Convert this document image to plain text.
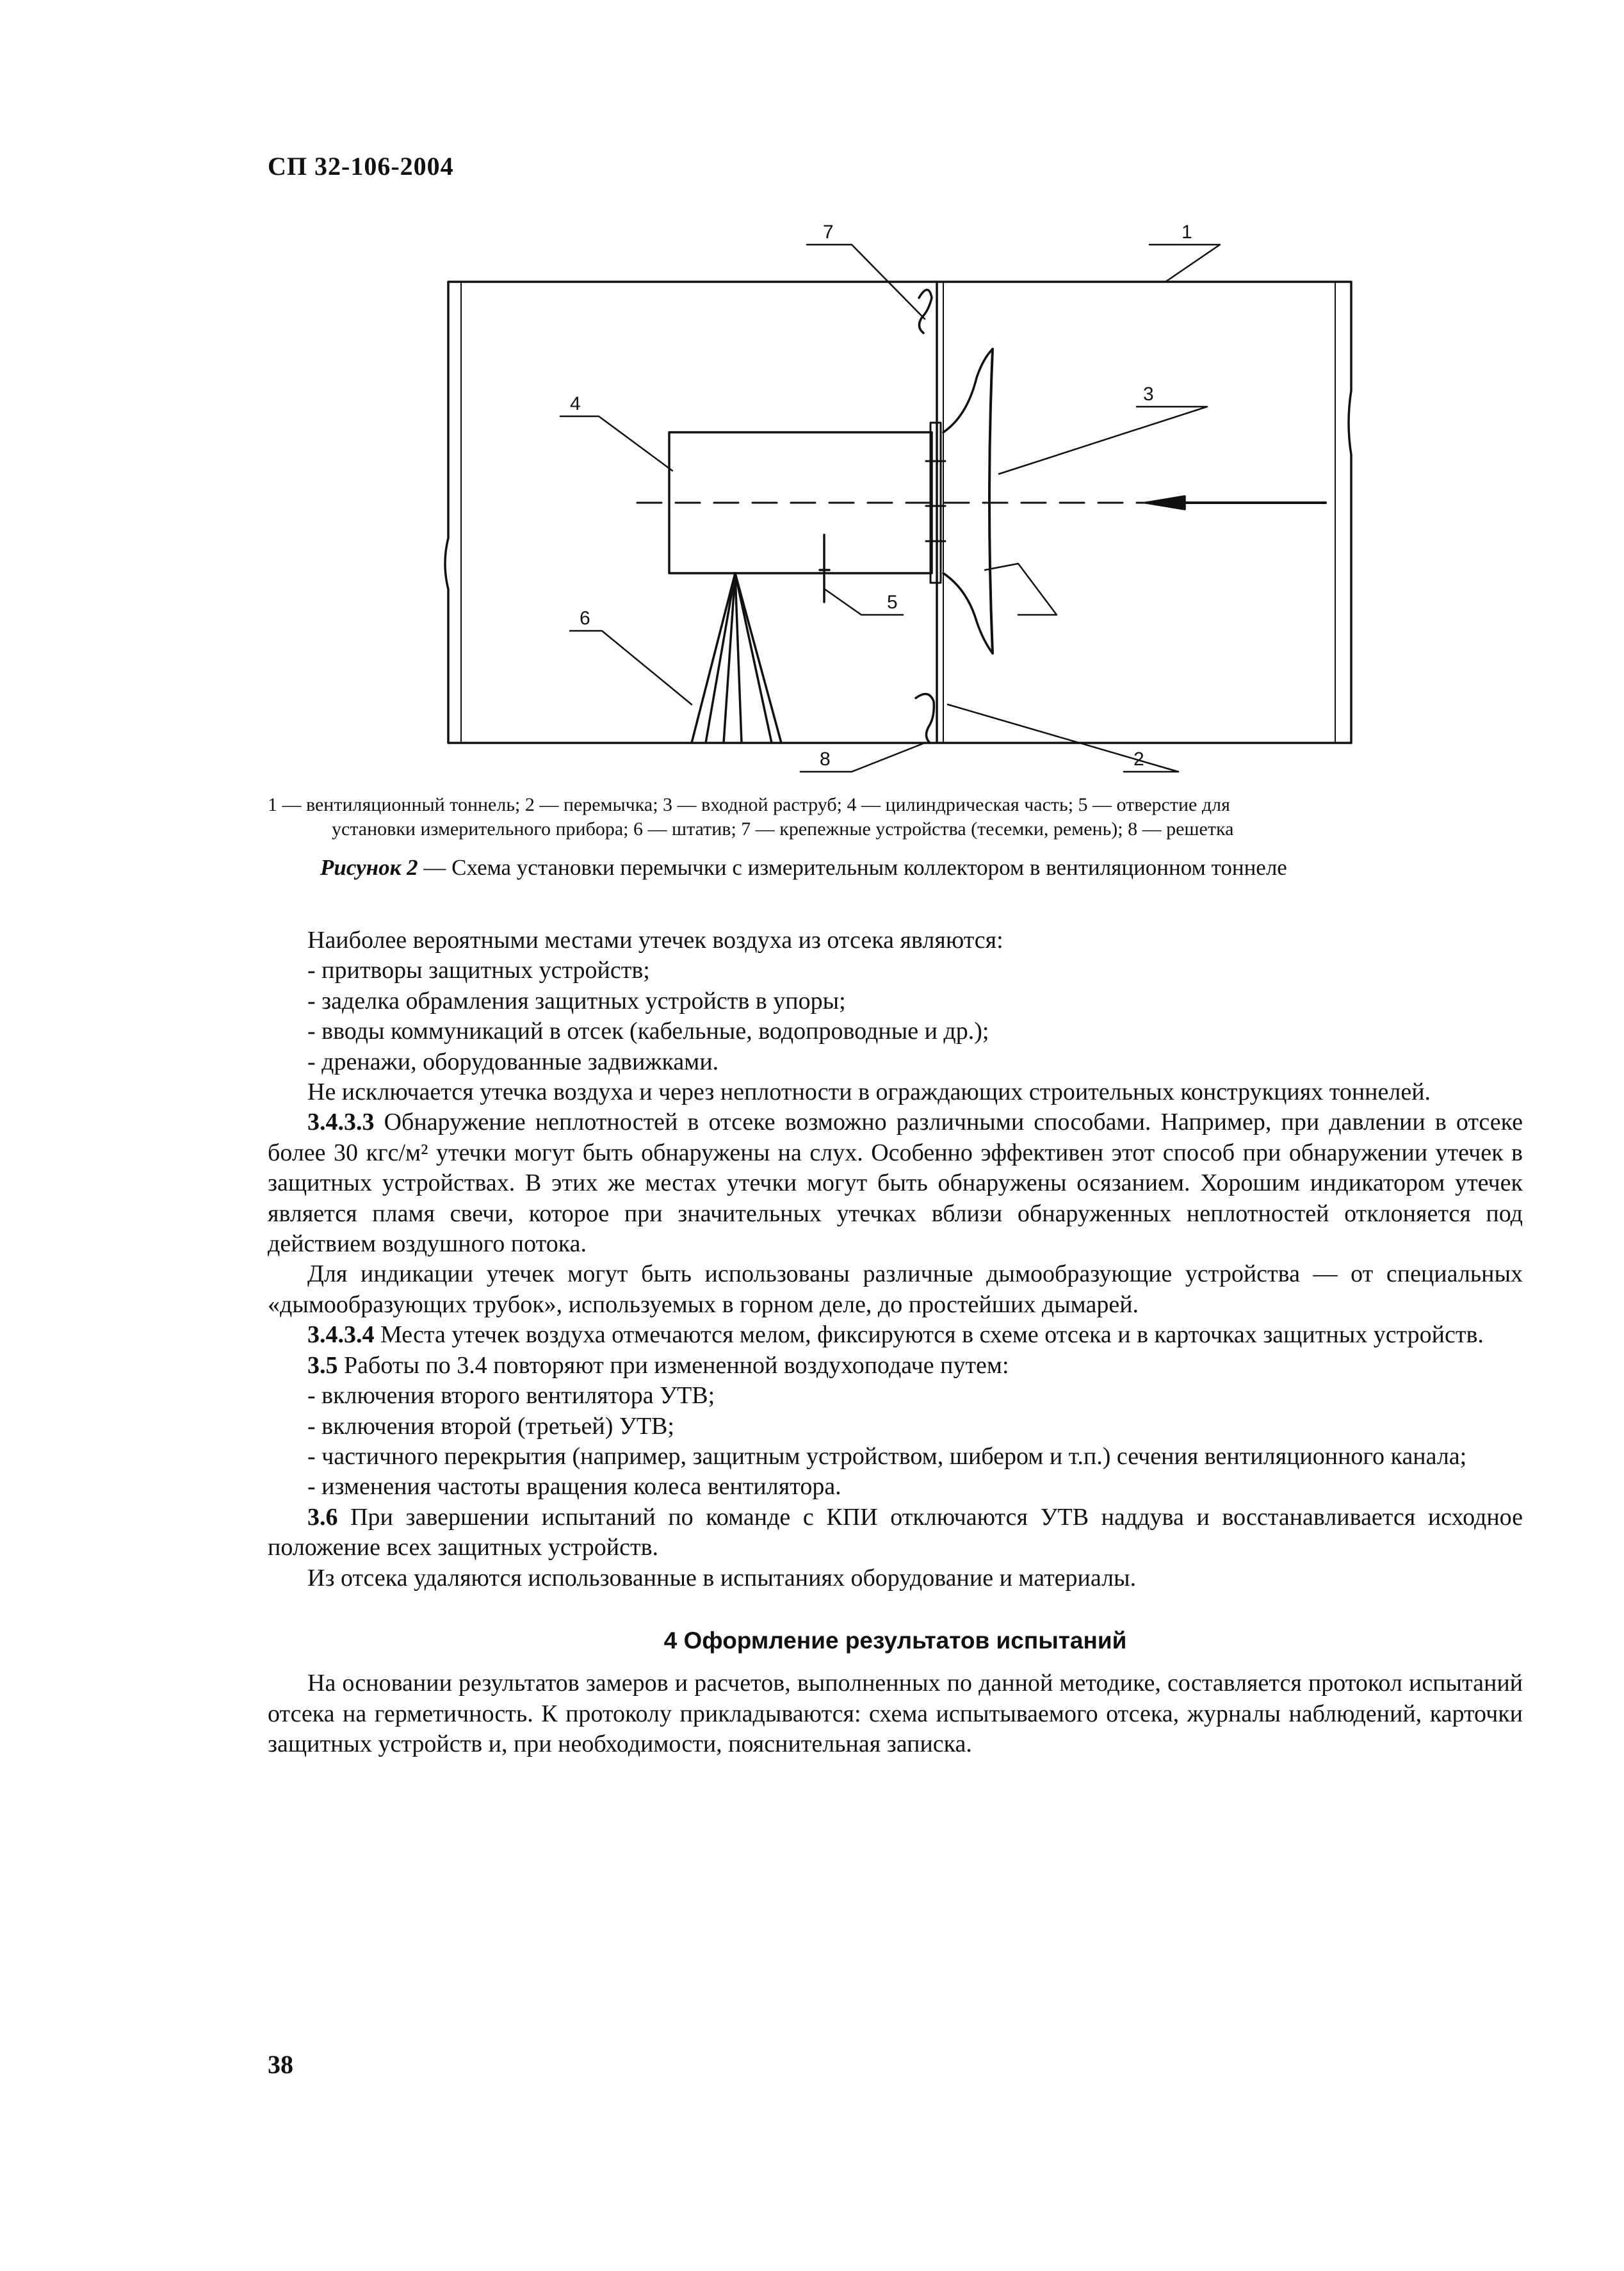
СП 32-106-2004
7	1
3
4
6
5
8	2
1 — вентиляционный тоннель; 2 — перемычка; 3 — входной раструб; 4 — цилиндрическая часть; 5 — отверстие для
установки измерительного прибора; 6 — штатив; 7 — крепежные устройства (тесемки, ремень); 8 — решетка
Рисунок 2 — Схема установки перемычки с измерительным коллектором в вентиляционном тоннеле

Наиболее вероятными местами утечек воздуха из отсека являются:

- притворы защитных устройств;

- заделка обрамления защитных устройств в упоры;

- вводы коммуникаций в отсек (кабельные, водопроводные и др.);

- дренажи, оборудованные задвижками.

Не исключается утечка воздуха и через неплотности в ограждающих строительных конструкциях тоннелей.

3.4.3.3 Обнаружение неплотностей в отсеке возможно различными способами. Например, при давлении в отсеке более 30 кгс/м² утечки могут быть обнаружены на слух. Особенно эффективен этот способ при обнаружении утечек в защитных устройствах. В этих же местах утечки могут быть обнаружены осязанием. Хорошим индикатором утечек является пламя свечи, которое при значительных утечках вблизи обнаруженных неплотностей отклоняется под действием воздушного потока.

Для индикации утечек могут быть использованы различные дымообразующие устройства — от специальных «дымообразующих трубок», используемых в горном деле, до простейших дымарей.

3.4.3.4 Места утечек воздуха отмечаются мелом, фиксируются в схеме отсека и в карточках защитных устройств.

3.5 Работы по 3.4 повторяют при измененной воздухоподаче путем:

- включения второго вентилятора УТВ;

- включения второй (третьей) УТВ;

- частичного перекрытия (например, защитным устройством, шибером и т.п.) сечения вентиляционного канала;

- изменения частоты вращения колеса вентилятора.

3.6 При завершении испытаний по команде с КПИ отключаются УТВ наддува и восстанавливается исходное положение всех защитных устройств.

Из отсека удаляются использованные в испытаниях оборудование и материалы.

4 Оформление результатов испытаний

На основании результатов замеров и расчетов, выполненных по данной методике, составляется протокол испытаний отсека на герметичность. К протоколу прикладываются: схема испытываемого отсека, журналы наблюдений, карточки защитных устройств и, при необходимости, пояснительная записка.

38
